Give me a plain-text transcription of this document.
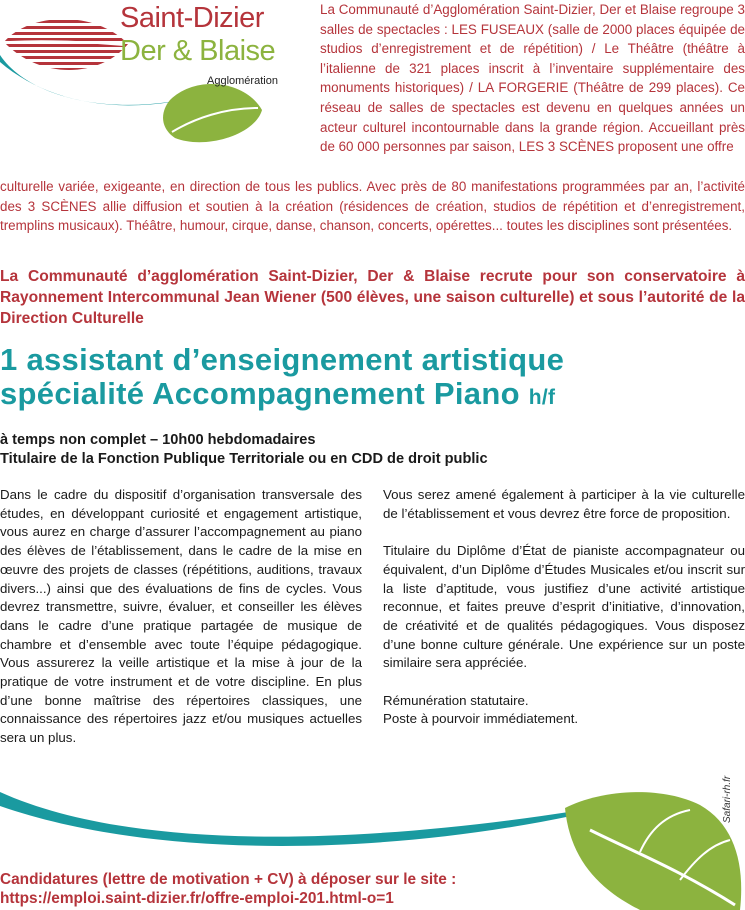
Saint-Dizier
Der & Blaise
Agglomération
La Communauté d’Agglomération Saint-Dizier, Der et Blaise regroupe 3 salles de spectacles : LES FUSEAUX (salle de 2000 places équipée de studios d’enregistrement et de répétition) / Le Théâtre (théâtre à l’italienne de 321 places inscrit à l’inventaire supplémentaire des monuments historiques) / LA FORGERIE (Théâtre de 299 places). Ce réseau de salles de spectacles est devenu en quelques années un acteur culturel incontournable dans la grande région. Accueillant près de 60 000 personnes par saison, LES 3 SCÈNES proposent une offre
culturelle variée, exigeante, en direction de tous les publics. Avec près de 80 manifestations programmées par an, l’activité des 3 SCÈNES allie diffusion et soutien à la création (résidences de création, studios de répétition et d’enregistrement, tremplins musicaux). Théâtre, humour, cirque, danse, chanson, concerts, opérettes... toutes les disciplines sont présentées.
La Communauté d’agglomération Saint-Dizier, Der & Blaise recrute pour son conservatoire à Rayonnement Intercommunal Jean Wiener (500 élèves, une saison culturelle) et sous l’autorité de la Direction Culturelle
1 assistant d’enseignement artistique
spécialité Accompagnement Piano h/f
à temps non complet – 10h00 hebdomadaires
Titulaire de la Fonction Publique Territoriale ou en CDD de droit public

Dans le cadre du dispositif d’organisation transversale des études, en développant curiosité et engagement artistique, vous aurez en charge d’assurer l’accompagnement au piano des élèves de l’établissement, dans le cadre de la mise en œuvre des projets de classes (répétitions, auditions, travaux divers...) ainsi que des évaluations de fins de cycles. Vous devrez transmettre, suivre, évaluer, et conseiller les élèves dans le cadre d’une pratique partagée de musique de chambre et d’ensemble avec toute l’équipe pédagogique. Vous assurerez la veille artistique et la mise à jour de la pratique de votre instrument et de votre discipline. En plus d’une bonne maîtrise des répertoires classiques, une connaissance des répertoires jazz et/ou musiques actuelles sera un plus.

Vous serez amené également à participer à la vie culturelle de l’établissement et vous devrez être force de proposition.

Titulaire du Diplôme d’État de pianiste accompagnateur ou équivalent, d’un Diplôme d’Études Musicales et/ou inscrit sur la liste d’aptitude, vous justifiez d’une activité artistique reconnue, et faites preuve d’esprit d’initiative, d’innovation, de créativité et de qualités pédagogiques. Vous disposez d’une bonne culture générale. Une expérience sur un poste similaire sera appréciée.

Rémunération statutaire.
Poste à pourvoir immédiatement.

Safari-rh.fr
Candidatures (lettre de motivation + CV) à déposer sur le site :
https://emploi.saint-dizier.fr/offre-emploi-201.html-o=1
